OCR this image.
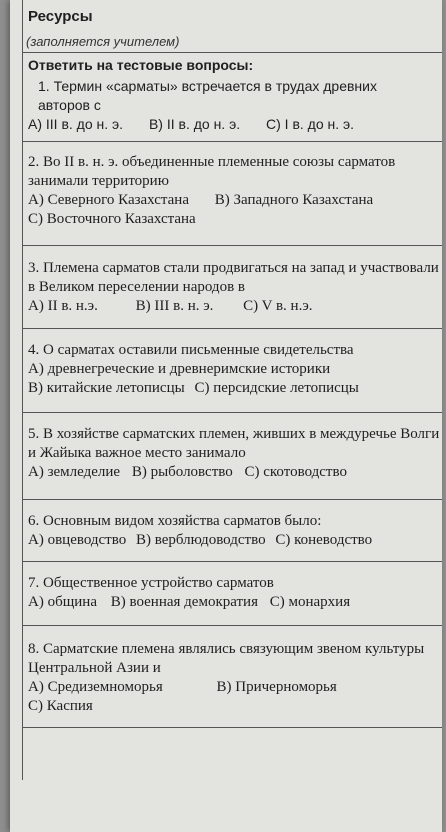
Ресурсы
(заполняется учителем)
Ответить на тестовые вопросы:
1. Термин «сарматы» встречается в трудах древних авторов с
A) III в. до н. э. B) II в. до н. э. C) I в. до н. э.
2. Во II в. н. э. объединенные племенные союзы сарматов занимали территорию
A) Северного Казахстана B) Западного Казахстана
C) Восточного Казахстана
3. Племена сарматов стали продвигаться на запад и участвовали в Великом переселении народов в
A) II в. н.э.	B) III в. н. э. C) V в. н.э.
4. О сарматах оставили письменные свидетельства
A) древнегреческие и древнеримские историки
B) китайские летописцы C) персидские летописцы
5. В хозяйстве сарматских племен, живших в междуречье Волги и Жайыка важное место занимало
A) земледелие B) рыболовство C) скотоводство
6. Основным видом хозяйства сарматов было:
A) овцеводство B) верблюдоводство C) коневодство
7. Общественное устройство сарматов
A) община B) военная демократия C) монархия
8. Сарматские племена являлись связующим звеном культуры Центральной Азии и
A) Средиземноморья	B) Причерноморья
C) Каспия
